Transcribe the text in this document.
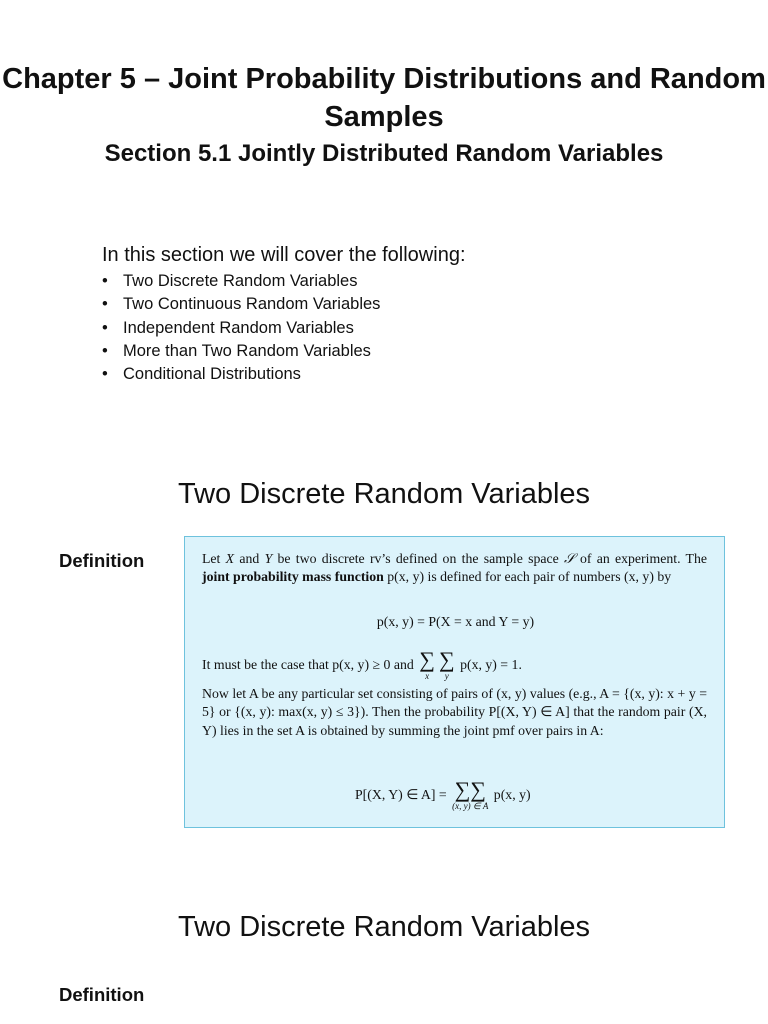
Chapter 5 – Joint Probability Distributions and Random Samples
Section 5.1 Jointly Distributed Random Variables

In this section we will cover the following:

• Two Discrete Random Variables
• Two Continuous Random Variables
• Independent Random Variables
• More than Two Random Variables
• Conditional Distributions
Two Discrete Random Variables

Definition	Let X and Y be two discrete rv’s defined on the sample space 𝒮 of an experiment. The joint probability mass function p(x, y) is defined for each pair of numbers (x, y) by

p(x, y) = P(X = x and Y = y)

It must be the case that p(x, y) ≥ 0 and ∑
x
∑
y
p(x, y) = 1.

Now let A be any particular set consisting of pairs of (x, y) values (e.g., A = {(x, y): x + y = 5} or {(x, y): max(x, y) ≤ 3}). Then the probability P[(X, Y) ∈ A] that the random pair (X, Y) lies in the set A is obtained by summing the joint pmf over pairs in A:

P[(X, Y) ∈ A] = ∑∑
(x, y) ∈ A
p(x, y)

Two Discrete Random Variables

Definition
